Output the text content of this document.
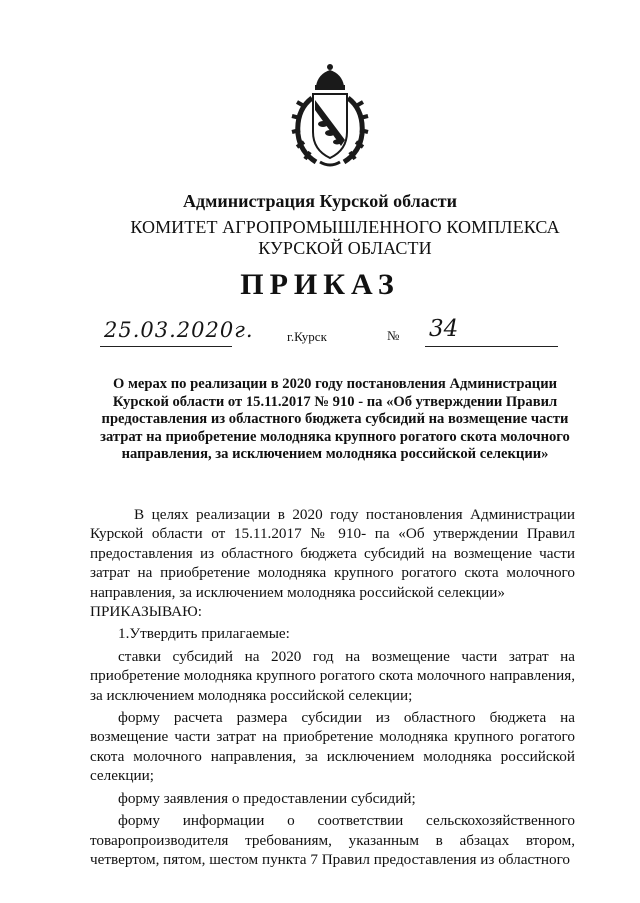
Администрация Курской области
КОМИТЕТ АГРОПРОМЫШЛЕННОГО КОМПЛЕКСА
КУРСКОЙ ОБЛАСТИ
ПРИКАЗ
25.03.2020г.	г.Курск	№ 34
О мерах по реализации в 2020 году постановления Администрации Курской области от 15.11.2017 № 910 - па «Об утверждении Правил предоставления из областного бюджета субсидий на возмещение части затрат на приобретение молодняка крупного рогатого скота молочного направления, за исключением молодняка российской селекции»

В целях реализации в 2020 году постановления Администрации Курской области от 15.11.2017 № 910- па «Об утверждении Правил предоставления из областного бюджета субсидий на возмещение части затрат на приобретение молодняка крупного рогатого скота молочного направления, за исключением молодняка российской селекции»

ПРИКАЗЫВАЮ:

1.Утвердить прилагаемые:

ставки субсидий на 2020 год на возмещение части затрат на приобретение молодняка крупного рогатого скота молочного направления, за исключением молодняка российской селекции;

форму расчета размера субсидии из областного бюджета на возмещение части затрат на приобретение молодняка крупного рогатого скота молочного направления, за исключением молодняка российской селекции;

форму заявления о предоставлении субсидий;

форму информации о соответствии сельскохозяйственного товаропроизводителя требованиям, указанным в абзацах втором, четвертом, пятом, шестом пункта 7 Правил предоставления из областного
